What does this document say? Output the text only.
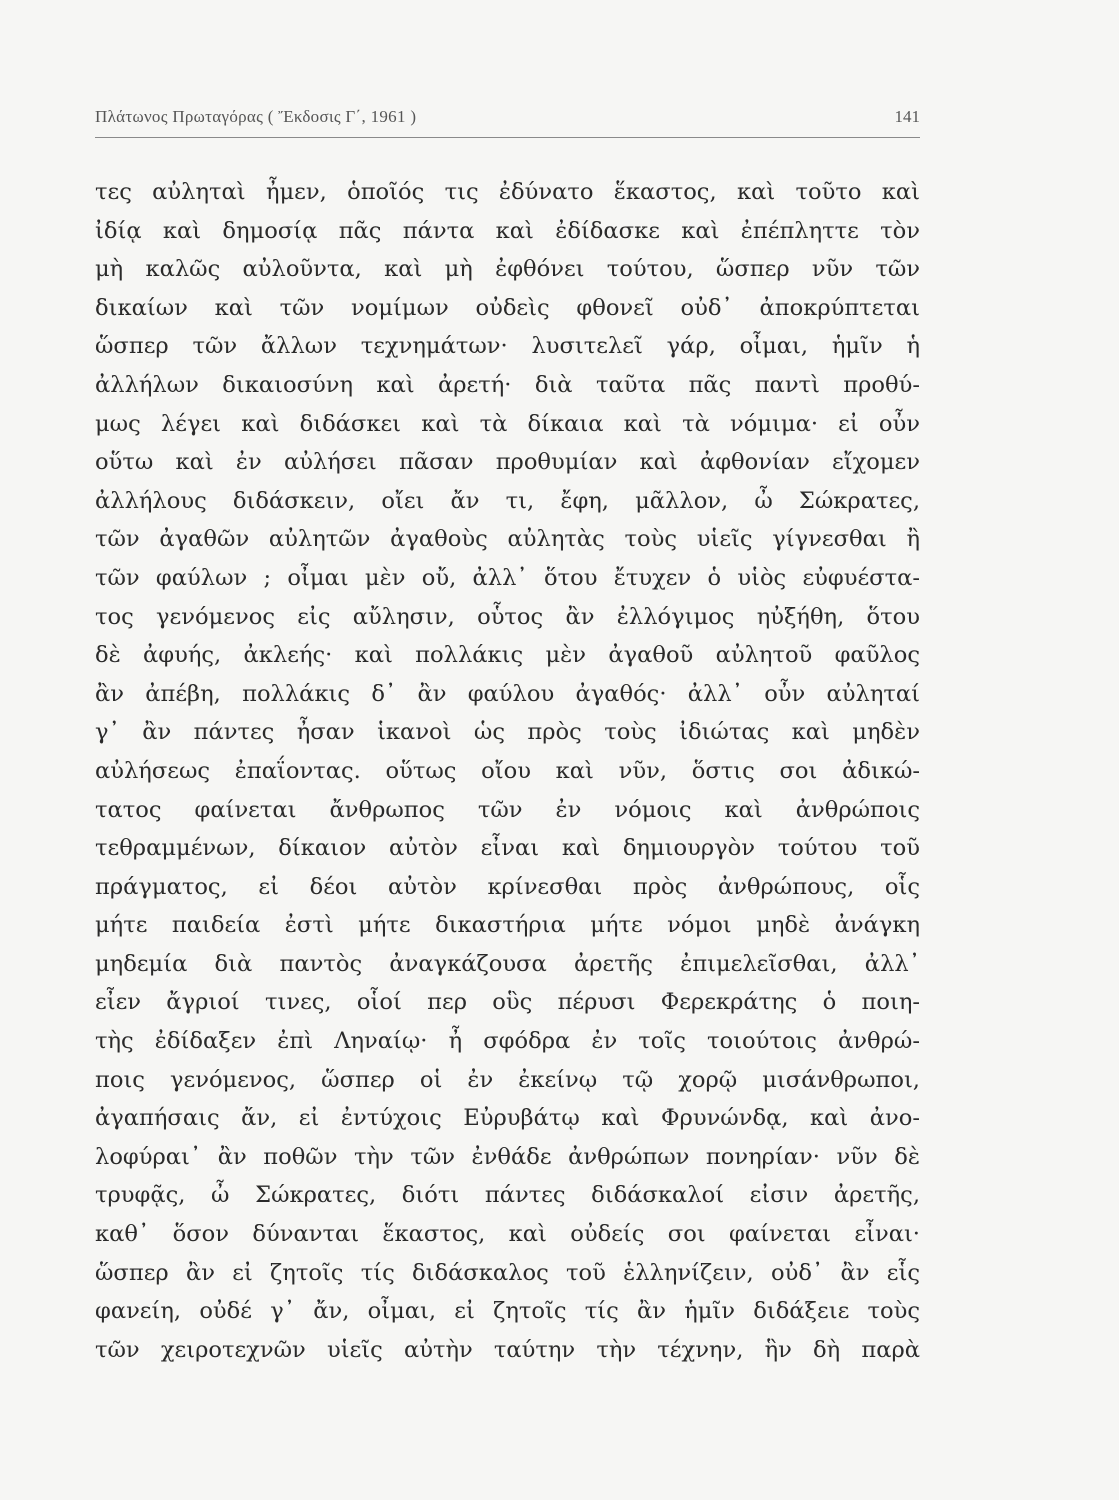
Πλάτωνος Πρωταγόρας ( Ἔκδοσις Γ΄, 1961 )	141
τες αὐληταὶ ἦμεν, ὁποῖός τις ἐδύνατο ἕκαστος, καὶ τοῦτο καὶ
ἰδίᾳ καὶ δημοσίᾳ πᾶς πάντα καὶ ἐδίδασκε καὶ ἐπέπληττε τὸν
μὴ καλῶς αὐλοῦντα, καὶ μὴ ἐφθόνει τούτου, ὥσπερ νῦν τῶν
δικαίων καὶ τῶν νομίμων οὐδεὶς φθονεῖ οὐδ᾽ ἀποκρύπτεται
ὥσπερ τῶν ἄλλων τεχνημάτων· λυσιτελεῖ γάρ, οἶμαι, ἡμῖν ἡ
ἀλλήλων δικαιοσύνη καὶ ἀρετή· διὰ ταῦτα πᾶς παντὶ προθύ-
μως λέγει καὶ διδάσκει καὶ τὰ δίκαια καὶ τὰ νόμιμα· εἰ οὖν
οὕτω καὶ ἐν αὐλήσει πᾶσαν προθυμίαν καὶ ἀφθονίαν εἴχομεν
ἀλλήλους διδάσκειν, οἴει ἄν τι, ἔφη, μᾶλλον, ὦ Σώκρατες,
τῶν ἀγαθῶν αὐλητῶν ἀγαθοὺς αὐλητὰς τοὺς υἱεῖς γίγνεσθαι ἢ
τῶν φαύλων ; οἶμαι μὲν οὔ, ἀλλ᾽ ὅτου ἔτυχεν ὁ υἱὸς εὐφυέστα-
τος γενόμενος εἰς αὔλησιν, οὗτος ἂν ἐλλόγιμος ηὐξήθη, ὅτου
δὲ ἀφυής, ἀκλεής· καὶ πολλάκις μὲν ἀγαθοῦ αὐλητοῦ φαῦλος
ἂν ἀπέβη, πολλάκις δ᾽ ἂν φαύλου ἀγαθός· ἀλλ᾽ οὖν αὐληταί
γ᾽ ἂν πάντες ἦσαν ἱκανοὶ ὡς πρὸς τοὺς ἰδιώτας καὶ μηδὲν
αὐλήσεως ἐπαΐοντας. οὕτως οἴου καὶ νῦν, ὅστις σοι ἀδικώ-
τατος φαίνεται ἄνθρωπος τῶν ἐν νόμοις καὶ ἀνθρώποις
τεθραμμένων, δίκαιον αὐτὸν εἶναι καὶ δημιουργὸν τούτου τοῦ
πράγματος, εἰ δέοι αὐτὸν κρίνεσθαι πρὸς ἀνθρώπους, οἷς
μήτε παιδεία ἐστὶ μήτε δικαστήρια μήτε νόμοι μηδὲ ἀνάγκη
μηδεμία διὰ παντὸς ἀναγκάζουσα ἀρετῆς ἐπιμελεῖσθαι, ἀλλ᾽
εἶεν ἄγριοί τινες, οἷοί περ οὓς πέρυσι Φερεκράτης ὁ ποιη-
τὴς ἐδίδαξεν ἐπὶ Ληναίῳ· ἦ σφόδρα ἐν τοῖς τοιούτοις ἀνθρώ-
ποις γενόμενος, ὥσπερ οἱ ἐν ἐκείνῳ τῷ χορῷ μισάνθρωποι,
ἀγαπήσαις ἄν, εἰ ἐντύχοις Εὐρυβάτῳ καὶ Φρυνώνδᾳ, καὶ ἀνο-
λοφύραι᾽ ἂν ποθῶν τὴν τῶν ἐνθάδε ἀνθρώπων πονηρίαν· νῦν δὲ
τρυφᾷς, ὦ Σώκρατες, διότι πάντες διδάσκαλοί εἰσιν ἀρετῆς,
καθ᾽ ὅσον δύνανται ἕκαστος, καὶ οὐδείς σοι φαίνεται εἶναι·
ὥσπερ ἂν εἰ ζητοῖς τίς διδάσκαλος τοῦ ἑλληνίζειν, οὐδ᾽ ἂν εἷς
φανείη, οὐδέ γ᾽ ἄν, οἶμαι, εἰ ζητοῖς τίς ἂν ἡμῖν διδάξειε τοὺς
τῶν χειροτεχνῶν υἱεῖς αὐτὴν ταύτην τὴν τέχνην, ἣν δὴ παρὰ
